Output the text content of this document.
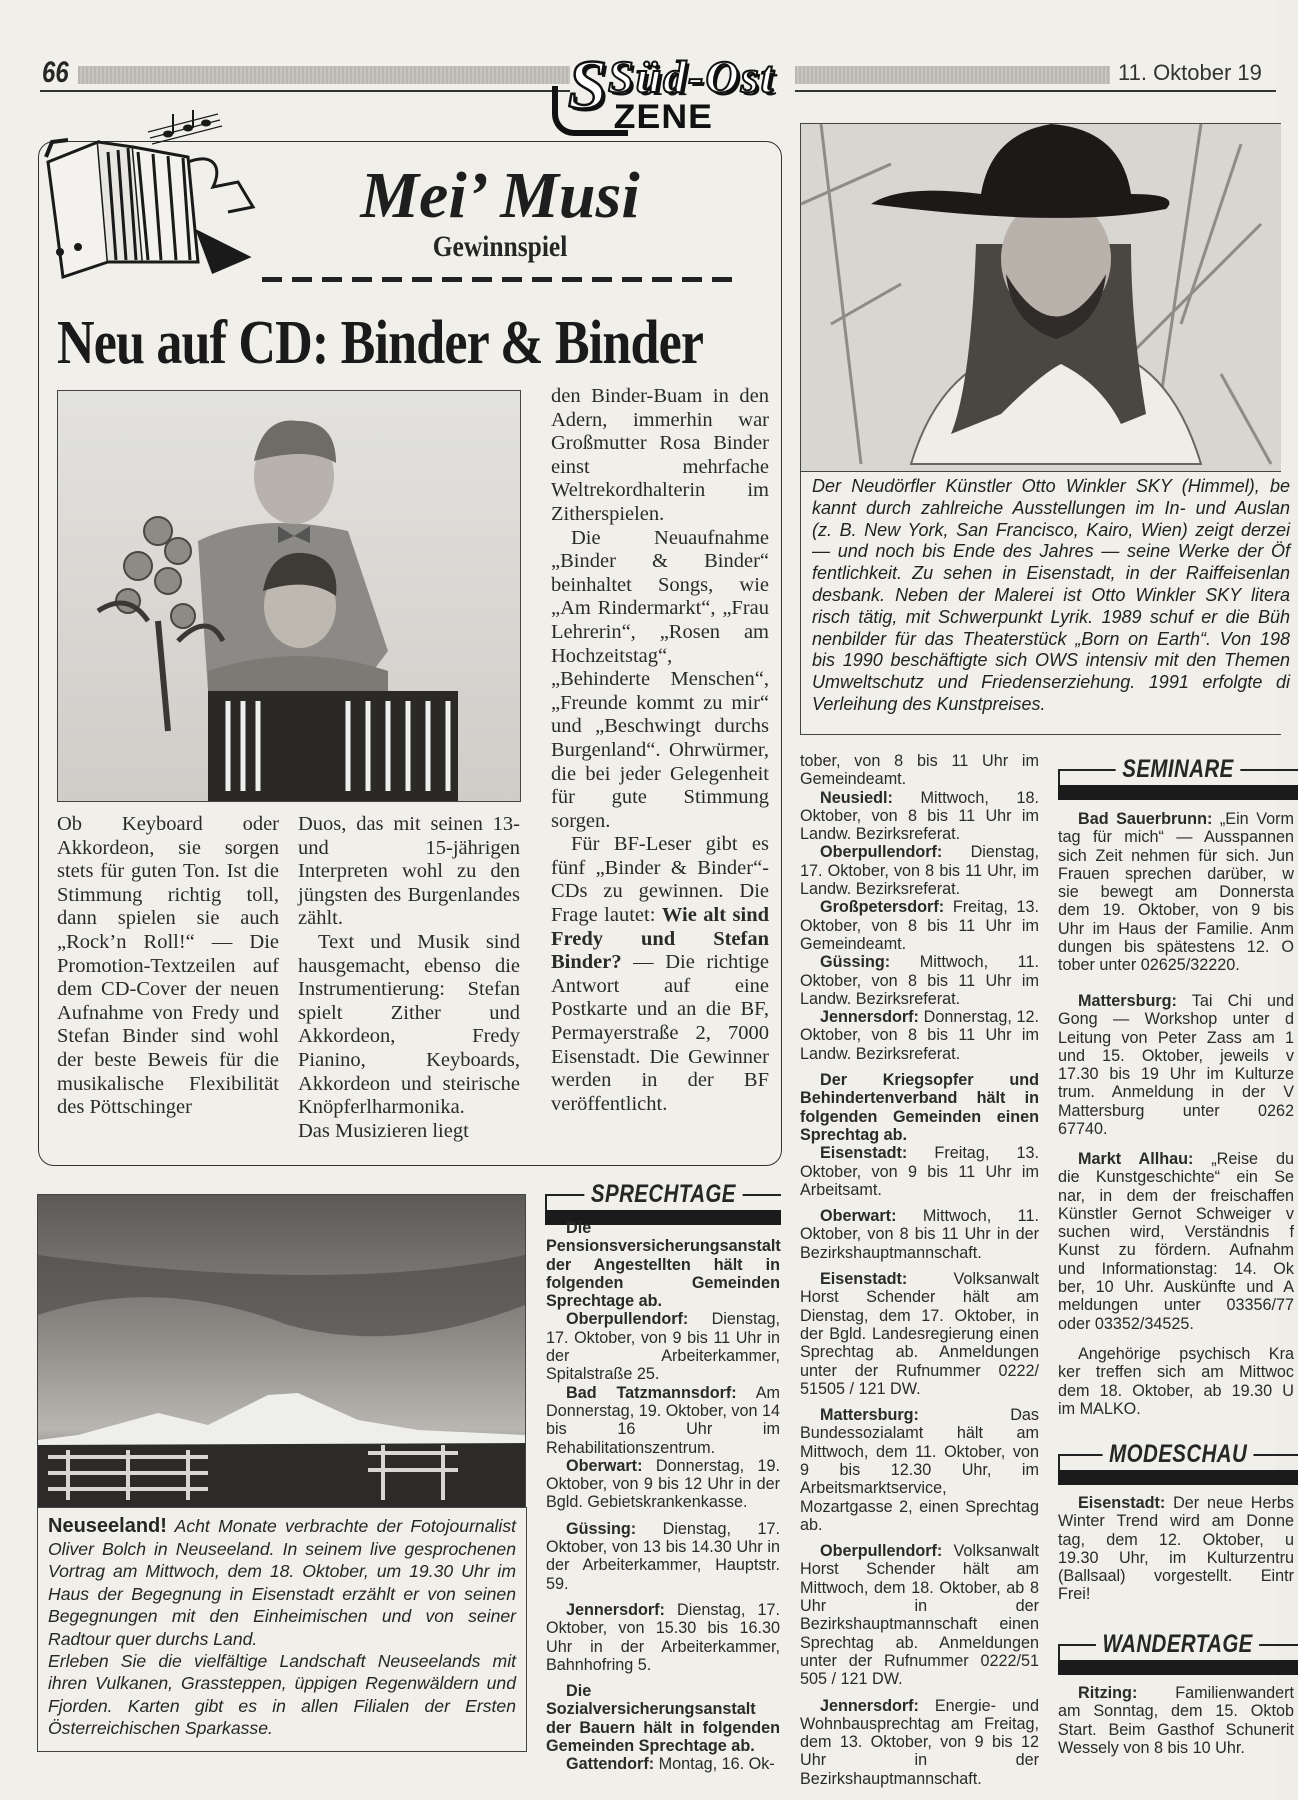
66	11. Oktober 19
S Süd-Ost
ZENE
Mei’ Musi
Gewinnspiel
Neu auf CD: Binder & Binder

Ob Keyboard oder Akkordeon, sie sorgen stets für guten Ton. Ist die Stimmung richtig toll, dann spielen sie auch „Rock’n Roll!“ — Die Promotion-Textzeilen auf dem CD-Cover der neuen Aufnahme von Fredy und Stefan Binder sind wohl der beste Beweis für die musikalische Flexibilität des Pöttschinger

Duos, das mit seinen 13- und 15-jährigen Interpreten wohl zu den jüngsten des Burgenlandes zählt.

Text und Musik sind hausgemacht, ebenso die Instrumentierung: Stefan spielt Zither und Akkordeon, Fredy Pianino, Keyboards, Akkordeon und steirische Knöpferlharmonika.

Das Musizieren liegt

den Binder-Buam in den Adern, immerhin war Großmutter Rosa Binder einst mehrfache Weltrekordhalterin im Zitherspielen.

Die Neuaufnahme „Binder & Binder“ beinhaltet Songs, wie „Am Rindermarkt“, „Frau Lehrerin“, „Rosen am Hochzeitstag“, „Behinderte Menschen“, „Freunde kommt zu mir“ und „Beschwingt durchs Burgenland“. Ohrwürmer, die bei jeder Gelegenheit für gute Stimmung sorgen.

Für BF-Leser gibt es fünf „Binder & Binder“-CDs zu gewinnen. Die Frage lautet: Wie alt sind Fredy und Stefan Binder? — Die richtige Antwort auf eine Postkarte und an die BF, Permayerstraße 2, 7000 Eisenstadt. Die Gewinner werden in der BF veröffentlicht.

Der Neudörfler Künstler Otto Winkler SKY (Himmel), be
kannt durch zahlreiche Ausstellungen im In- und Auslan
(z. B. New York, San Francisco, Kairo, Wien) zeigt derzei
— und noch bis Ende des Jahres — seine Werke der Öf
fentlichkeit. Zu sehen in Eisenstadt, in der Raiffeisenlan
desbank. Neben der Malerei ist Otto Winkler SKY litera
risch tätig, mit Schwerpunkt Lyrik. 1989 schuf er die Büh
nenbilder für das Theaterstück „Born on Earth“. Von 198
bis 1990 beschäftigte sich OWS intensiv mit den Themen
Umweltschutz und Friedenserziehung. 1991 erfolgte di
Verleihung des Kunstpreises.
SPRECHTAGE

Die Pensionsversicherungsanstalt der Angestellten hält in folgenden Gemeinden Sprechtage ab.

Oberpullendorf: Dienstag, 17. Oktober, von 9 bis 11 Uhr in der Arbeiterkammer, Spitalstraße 25.

Bad Tatzmannsdorf: Am Donnerstag, 19. Oktober, von 14 bis 16 Uhr im Rehabilitationszentrum.

Oberwart: Donnerstag, 19. Oktober, von 9 bis 12 Uhr in der Bgld. Gebietskrankenkasse.

Güssing: Dienstag, 17. Oktober, von 13 bis 14.30 Uhr in der Arbeiterkammer, Hauptstr. 59.

Jennersdorf: Dienstag, 17. Oktober, von 15.30 bis 16.30 Uhr in der Arbeiterkammer, Bahnhofring 5.

Die Sozialversicherungsanstalt der Bauern hält in folgenden Gemeinden Sprechtage ab.

Gattendorf: Montag, 16. Ok-

tober, von 8 bis 11 Uhr im Gemeindeamt.

Neusiedl: Mittwoch, 18. Oktober, von 8 bis 11 Uhr im Landw. Bezirksreferat.

Oberpullendorf: Dienstag, 17. Oktober, von 8 bis 11 Uhr, im Landw. Bezirksreferat.

Großpetersdorf: Freitag, 13. Oktober, von 8 bis 11 Uhr im Gemeindeamt.

Güssing: Mittwoch, 11. Oktober, von 8 bis 11 Uhr im Landw. Bezirksreferat.

Jennersdorf: Donnerstag, 12. Oktober, von 8 bis 11 Uhr im Landw. Bezirksreferat.

Der Kriegsopfer und Behindertenverband hält in folgenden Gemeinden einen Sprechtag ab.

Eisenstadt: Freitag, 13. Oktober, von 9 bis 11 Uhr im Arbeitsamt.

Oberwart: Mittwoch, 11. Oktober, von 8 bis 11 Uhr in der Bezirkshauptmannschaft.

Eisenstadt: Volksanwalt Horst Schender hält am Dienstag, dem 17. Oktober, in der Bgld. Landesregierung einen Sprechtag ab. Anmeldungen unter der Rufnummer 0222/ 51505 / 121 DW.

Mattersburg: Das Bundessozialamt hält am Mittwoch, dem 11. Oktober, von 9 bis 12.30 Uhr, im Arbeitsmarktservice, Mozartgasse 2, einen Sprechtag ab.

Oberpullendorf: Volksanwalt Horst Schender hält am Mittwoch, dem 18. Oktober, ab 8 Uhr in der Bezirkshauptmannschaft einen Sprechtag ab. Anmeldungen unter der Rufnummer 0222/51 505 / 121 DW.

Jennersdorf: Energie- und Wohnbausprechtag am Freitag, dem 13. Oktober, von 9 bis 12 Uhr in der Bezirkshauptmannschaft.

SEMINARE
Bad Sauerbrunn: „Ein Vorm
tag für mich“ — Ausspannen
sich Zeit nehmen für sich. Jun
Frauen sprechen darüber, w
sie bewegt am Donnersta
dem 19. Oktober, von 9 bis
Uhr im Haus der Familie. Anm
dungen bis spätestens 12. O
tober unter 02625/32220.
Mattersburg: Tai Chi und
Gong — Workshop unter d
Leitung von Peter Zass am 1
und 15. Oktober, jeweils v
17.30 bis 19 Uhr im Kulturze
trum. Anmeldung in der V
Mattersburg unter 0262
67740.
Markt Allhau: „Reise du
die Kunstgeschichte“ ein Se
nar, in dem der freischaffen
Künstler Gernot Schweiger v
suchen wird, Verständnis f
Kunst zu fördern. Aufnahm
und Informationstag: 14. Ok
ber, 10 Uhr. Auskünfte und A
meldungen unter 03356/77
oder 03352/34525.
Angehörige psychisch Kra
ker treffen sich am Mittwoc
dem 18. Oktober, ab 19.30 U
im MALKO.
MODESCHAU
Eisenstadt: Der neue Herbs
Winter Trend wird am Donne
tag, dem 12. Oktober, u
19.30 Uhr, im Kulturzentru
(Ballsaal) vorgestellt. Eintr
Frei!
WANDERTAGE
Ritzing: Familienwandert
am Sonntag, dem 15. Oktob
Start. Beim Gasthof Schunerit
Wessely von 8 bis 10 Uhr.
Neuseeland! Acht Monate verbrachte der Fotojournalist Oliver Bolch in Neuseeland. In seinem live gesprochenen Vortrag am Mittwoch, dem 18. Oktober, um 19.30 Uhr im Haus der Begegnung in Eisenstadt erzählt er von seinen Begegnungen mit den Einheimischen und von seiner Radtour quer durchs Land.
Erleben Sie die vielfältige Landschaft Neuseelands mit ihren Vulkanen, Grassteppen, üppigen Regenwäldern und Fjorden. Karten gibt es in allen Filialen der Ersten Österreichischen Sparkasse.
